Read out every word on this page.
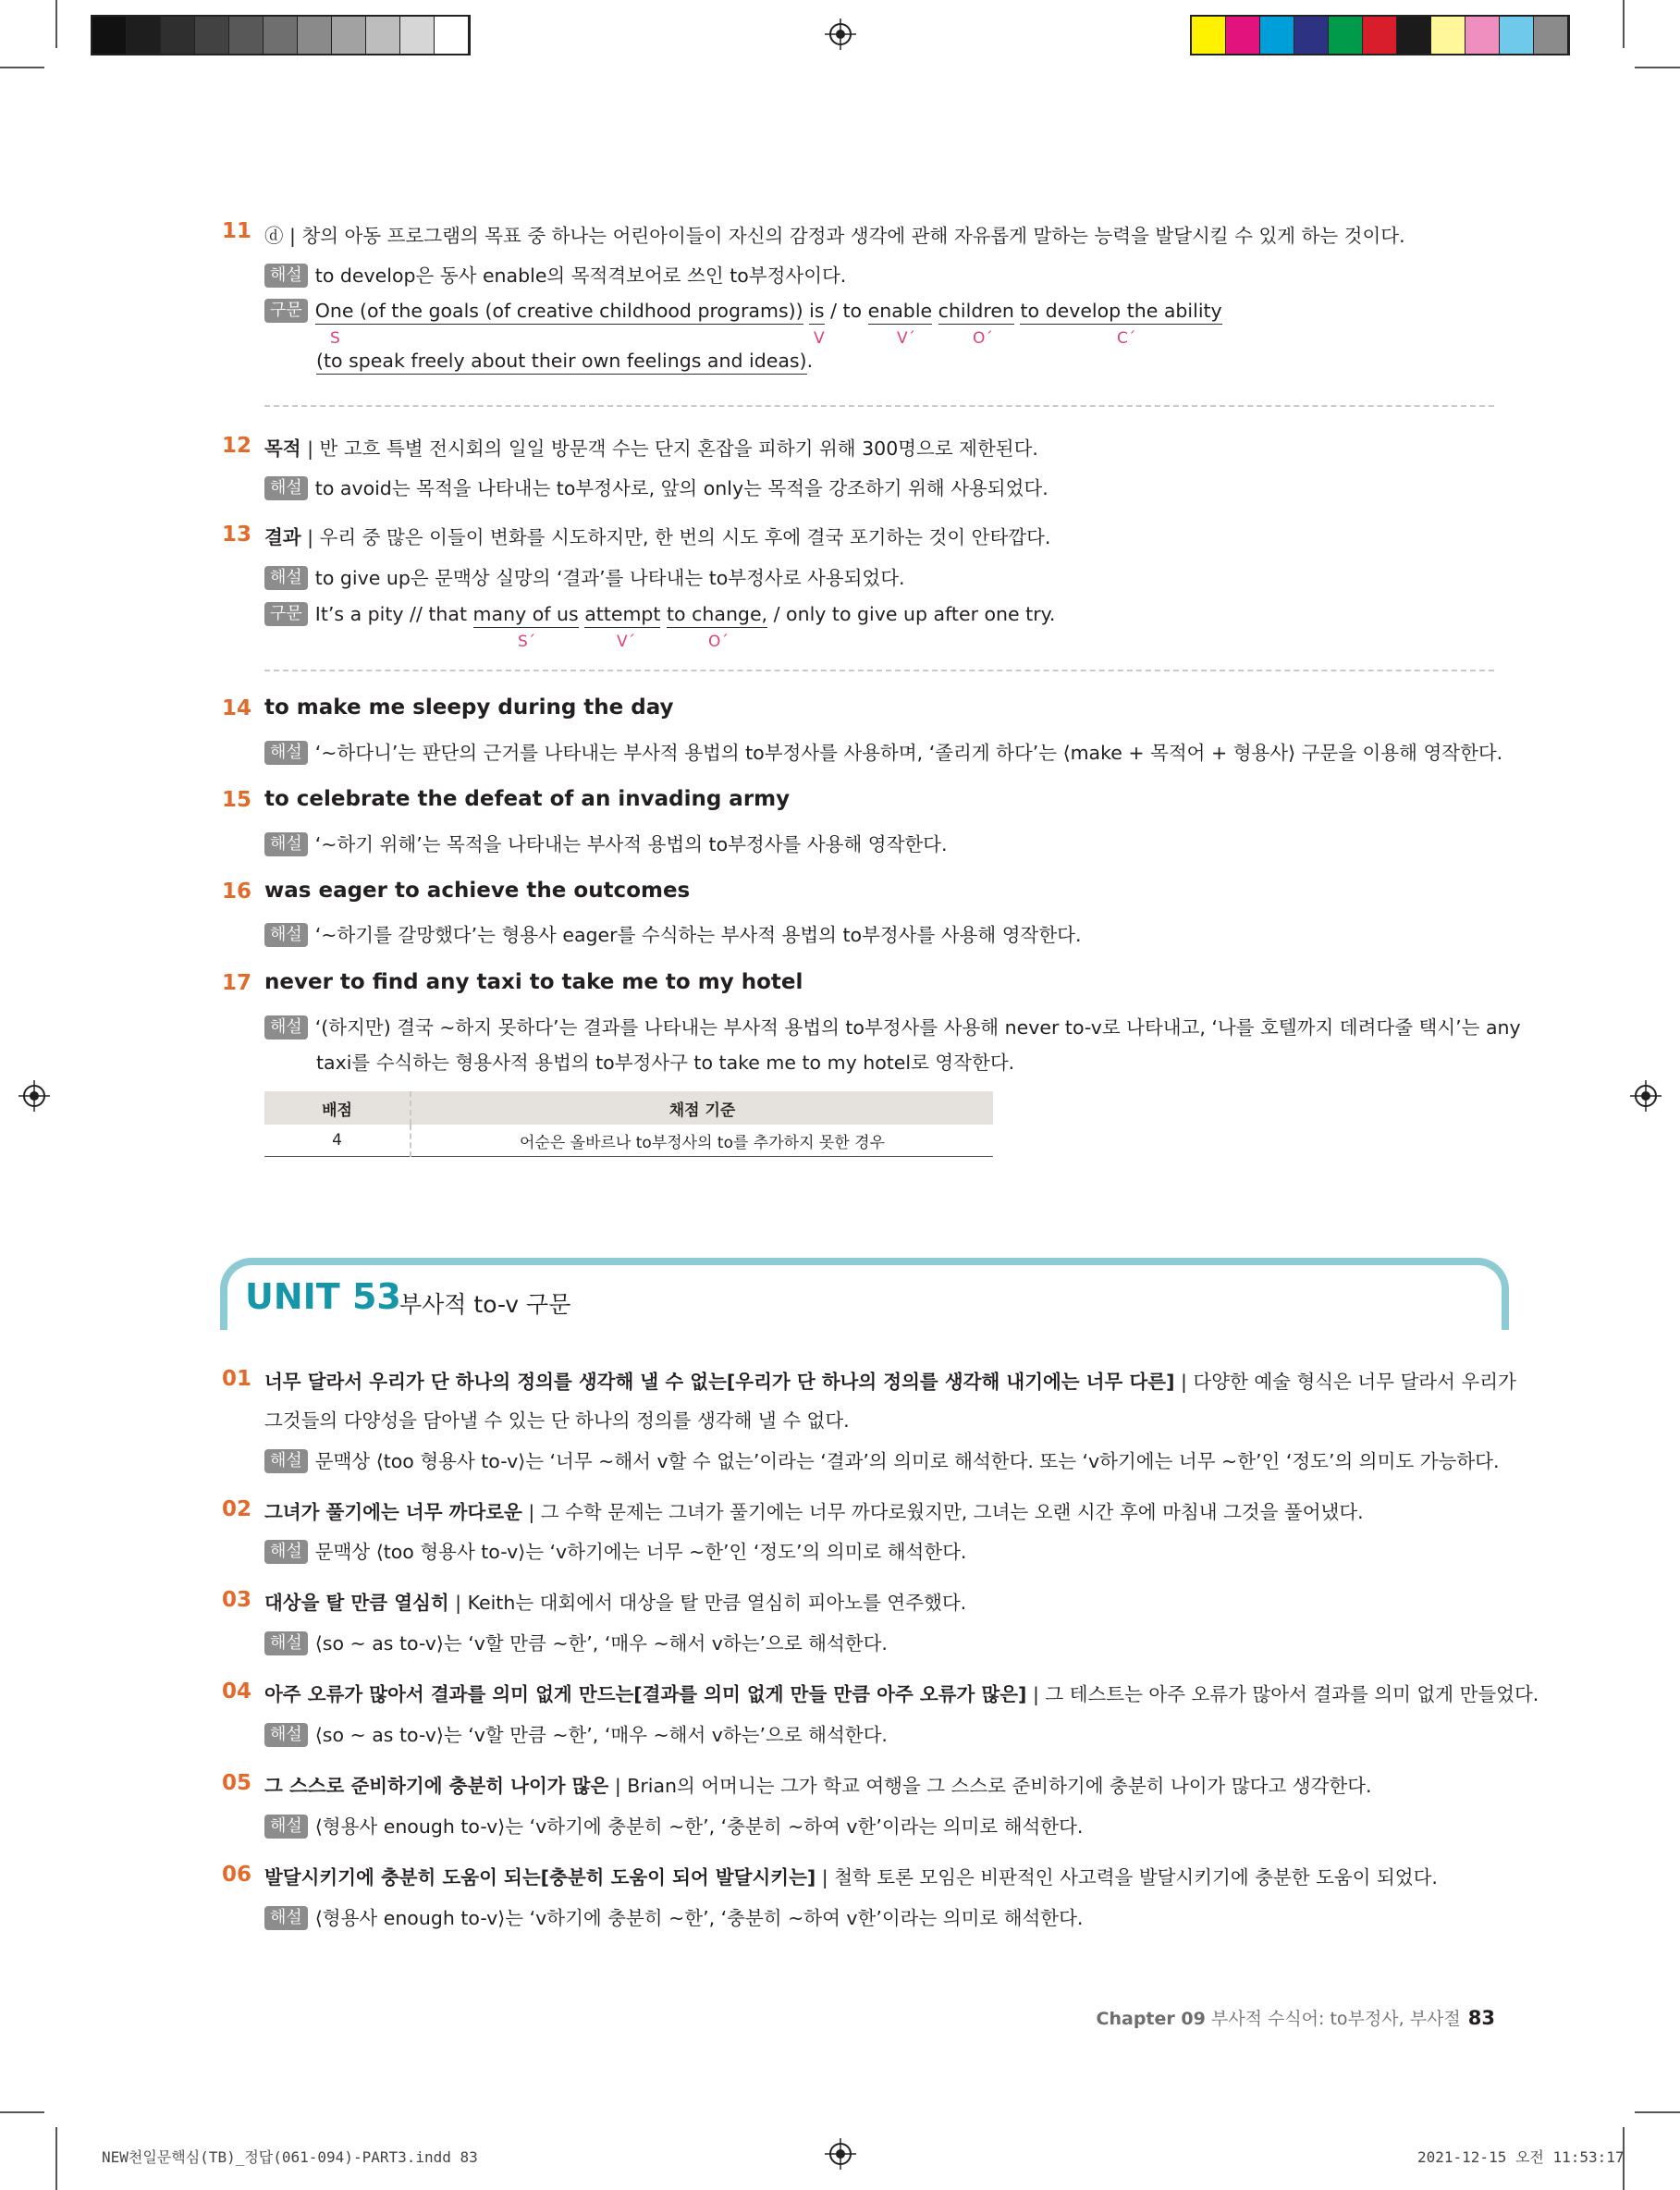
11 ⓓ | 창의 아동 프로그램의 목표 중 하나는 어린아이들이 자신의 감정과 생각에 관해 자유롭게 말하는 능력을 발달시킬 수 있게 하는 것이다.
해설 to develop은 동사 enable의 목적격보어로 쓰인 to부정사이다.
구문 One (of the goals (of creative childhood programs)) is / to enable children to develop the ability
S	V	V´	O´	C´
(to speak freely about their own feelings and ideas).
12 목적 | 반 고흐 특별 전시회의 일일 방문객 수는 단지 혼잡을 피하기 위해 300명으로 제한된다.
해설 to avoid는 목적을 나타내는 to부정사로, 앞의 only는 목적을 강조하기 위해 사용되었다.
13 결과 | 우리 중 많은 이들이 변화를 시도하지만, 한 번의 시도 후에 결국 포기하는 것이 안타깝다.
해설 to give up은 문맥상 실망의 ‘결과’를 나타내는 to부정사로 사용되었다.
구문 It’s a pity // that many of us attempt to change, / only to give up after one try.
S´	V´	O´
14 to make me sleepy during the day
해설 ‘~하다니’는 판단의 근거를 나타내는 부사적 용법의 to부정사를 사용하며, ‘졸리게 하다’는 ⟨make + 목적어 + 형용사⟩ 구문을 이용해 영작한다.
15 to celebrate the defeat of an invading army
해설 ‘~하기 위해’는 목적을 나타내는 부사적 용법의 to부정사를 사용해 영작한다.
16 was eager to achieve the outcomes
해설 ‘~하기를 갈망했다’는 형용사 eager를 수식하는 부사적 용법의 to부정사를 사용해 영작한다.
17 never to find any taxi to take me to my hotel
해설 ‘(하지만) 결국 ~하지 못하다’는 결과를 나타내는 부사적 용법의 to부정사를 사용해 never to-v로 나타내고, ‘나를 호텔까지 데려다줄 택시’는 any
taxi를 수식하는 형용사적 용법의 to부정사구 to take me to my hotel로 영작한다.
배점	채점 기준
4	어순은 올바르나 to부정사의 to를 추가하지 못한 경우
UNIT 53
부사적 to-v 구문
01 너무 달라서 우리가 단 하나의 정의를 생각해 낼 수 없는[우리가 단 하나의 정의를 생각해 내기에는 너무 다른] | 다양한 예술 형식은 너무 달라서 우리가
그것들의 다양성을 담아낼 수 있는 단 하나의 정의를 생각해 낼 수 없다.
해설 문맥상 ⟨too 형용사 to-v⟩는 ‘너무 ~해서 v할 수 없는’이라는 ‘결과’의 의미로 해석한다. 또는 ‘v하기에는 너무 ~한’인 ‘정도’의 의미도 가능하다.
02 그녀가 풀기에는 너무 까다로운 | 그 수학 문제는 그녀가 풀기에는 너무 까다로웠지만, 그녀는 오랜 시간 후에 마침내 그것을 풀어냈다.
해설 문맥상 ⟨too 형용사 to-v⟩는 ‘v하기에는 너무 ~한’인 ‘정도’의 의미로 해석한다.
03 대상을 탈 만큼 열심히 | Keith는 대회에서 대상을 탈 만큼 열심히 피아노를 연주했다.
해설 ⟨so ~ as to-v⟩는 ‘v할 만큼 ~한’, ‘매우 ~해서 v하는’으로 해석한다.
04 아주 오류가 많아서 결과를 의미 없게 만드는[결과를 의미 없게 만들 만큼 아주 오류가 많은] | 그 테스트는 아주 오류가 많아서 결과를 의미 없게 만들었다.
해설 ⟨so ~ as to-v⟩는 ‘v할 만큼 ~한’, ‘매우 ~해서 v하는’으로 해석한다.
05 그 스스로 준비하기에 충분히 나이가 많은 | Brian의 어머니는 그가 학교 여행을 그 스스로 준비하기에 충분히 나이가 많다고 생각한다.
해설 ⟨형용사 enough to-v⟩는 ‘v하기에 충분히 ~한’, ‘충분히 ~하여 v한’이라는 의미로 해석한다.
06 발달시키기에 충분히 도움이 되는[충분히 도움이 되어 발달시키는] | 철학 토론 모임은 비판적인 사고력을 발달시키기에 충분한 도움이 되었다.
해설 ⟨형용사 enough to-v⟩는 ‘v하기에 충분히 ~한’, ‘충분히 ~하여 v한’이라는 의미로 해석한다.
Chapter 09 부사적 수식어: to부정사, 부사절 83
NEW천일문핵심(TB)_정답(061-094)-PART3.indd 83	2021-12-15 오전 11:53:17
